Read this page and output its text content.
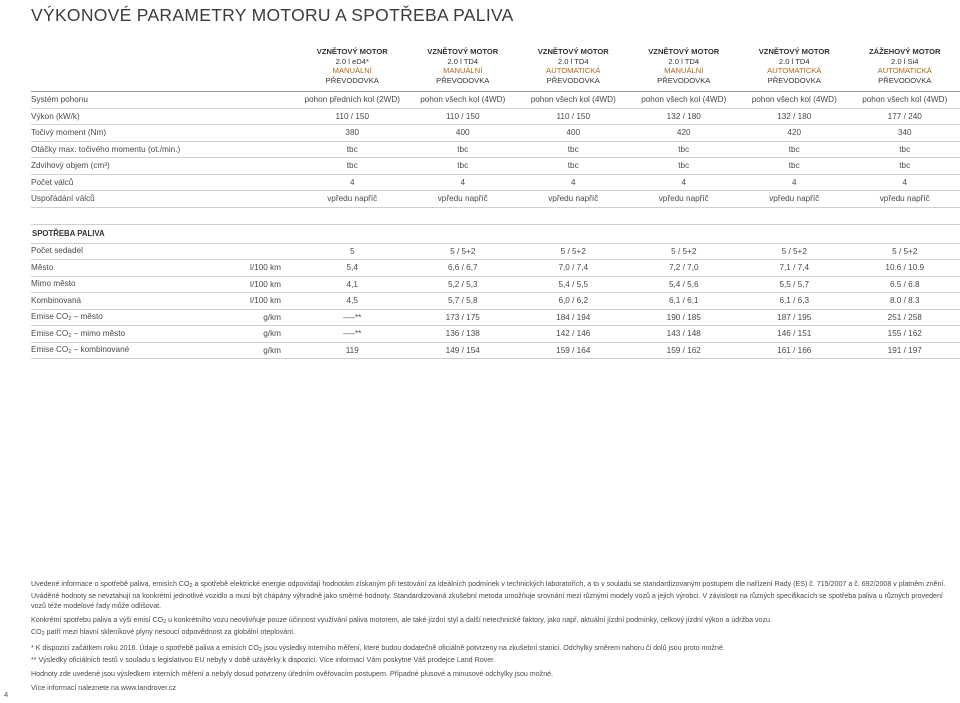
VÝKONOVÉ PARAMETRY MOTORU A SPOTŘEBA PALIVA

		VZNĚTOVÝ MOTOR
2.0 l eD4*
MANUÁLNÍ
PŘEVODOVKA	VZNĚTOVÝ MOTOR
2.0 l TD4
MANUÁLNÍ
PŘEVODOVKA	VZNĚTOVÝ MOTOR
2.0 l TD4
AUTOMATICKÁ
PŘEVODOVKA	VZNĚTOVÝ MOTOR
2.0 l TD4
MANUÁLNÍ
PŘEVODOVKA	VZNĚTOVÝ MOTOR
2.0 l TD4
AUTOMATICKÁ
PŘEVODOVKA	ZÁŽEHOVÝ MOTOR
2.0 l Si4
AUTOMATICKÁ
PŘEVODOVKA

Systém pohonu		pohon předních kol (2WD)	pohon všech kol (4WD)	pohon všech kol (4WD)	pohon všech kol (4WD)	pohon všech kol (4WD)	pohon všech kol (4WD)
Výkon (kW/k)		110 / 150	110 / 150	110 / 150	132 / 180	132 / 180	177 / 240
Točivý moment (Nm)		380	400	400	420	420	340
Otáčky max. točivého momentu (ot./min.)		tbc	tbc	tbc	tbc	tbc	tbc
Zdvihový objem (cm³)		tbc	tbc	tbc	tbc	tbc	tbc
Počet válců		4	4	4	4	4	4
Uspořádání válců		vpředu napříč	vpředu napříč	vpředu napříč	vpředu napříč	vpředu napříč	vpředu napříč

SPOTŘEBA PALIVA							
Počet sedadel		5	5 / 5+2	5 / 5+2	5 / 5+2	5 / 5+2	5 / 5+2
Město	l/100 km	5,4	6,6 / 6,7	7,0 / 7,4	7,2 / 7,0	7,1 / 7,4	10.6 / 10.9
Mimo město	l/100 km	4,1	5,2 / 5,3	5,4 / 5,5	5,4 / 5,6	5,5 / 5,7	6.5 / 6.8
Kombinovaná	l/100 km	4,5	5,7 / 5,8	6,0 / 6,2	6,1 / 6,1	6,1 / 6,3	8.0 / 8.3
Emise $CO_2$ – město	g/km	–-–**	173 / 175	184 / 194	190 / 185	187 / 195	251 / 258
Emise $CO_2$ – mimo město	g/km	–-–**	136 / 138	142 / 146	143 / 148	146 / 151	155 / 162
Emise $CO_2$ – kombinované	g/km	119	149 / 154	159 / 164	159 / 162	161 / 166	191 / 197

Uvedené informace o spotřebě paliva, emisích $CO_2$ a spotřebě elektrické energie odpovídají hodnotám získaným při testování za ideálních podmínek v technických laboratořích, a to v souladu se standardizovaným postupem dle nařízení Rady (ES) č. 715/2007 a č. 692/2008 v platném znění. Uváděné hodnoty se nevztahují na konkrétní jednotlivé vozidlo a musí být chápány výhradně jako směrné hodnoty. Standardizovaná zkušební metoda umožňuje srovnání mezi různými modely vozů a jejich výrobci. V závislosti na různých specifikacích se spotřeba paliva u různých provedení vozů téže modelové řady může odlišovat.

Konkrétní spotřebu paliva a výši emisí $CO_2$ u konkrétního vozu neovlivňuje pouze účinnost využívání paliva motorem, ale také jízdní styl a další netechnické faktory, jako např. aktuální jízdní podmínky, celkový jízdní výkon a údržba vozu.

$CO_2$ patří mezi hlavní skleníkové plyny nesoucí odpovědnost za globální oteplování.

* K dispozici začátkem roku 2016. Údaje o spotřebě paliva a emisích $CO_2$ jsou výsledky interního měření, které budou dodatečně oficiálně potvrzeny na zkušební stanici. Odchylky směrem nahoru či dolů jsou proto možné.

** Výsledky oficiálních testů v souladu s legislativou EU nebyly v době uzávěrky k dispozici. Více informací Vám poskytne Váš prodejce Land Rover.

Hodnoty zde uvedené jsou výsledkem interních měření a nebyly dosud potvrzeny úředním ověřovacím postupem. Případné plusové a minusové odchylky jsou možné.

Více informací naleznete na www.landrover.cz

4
